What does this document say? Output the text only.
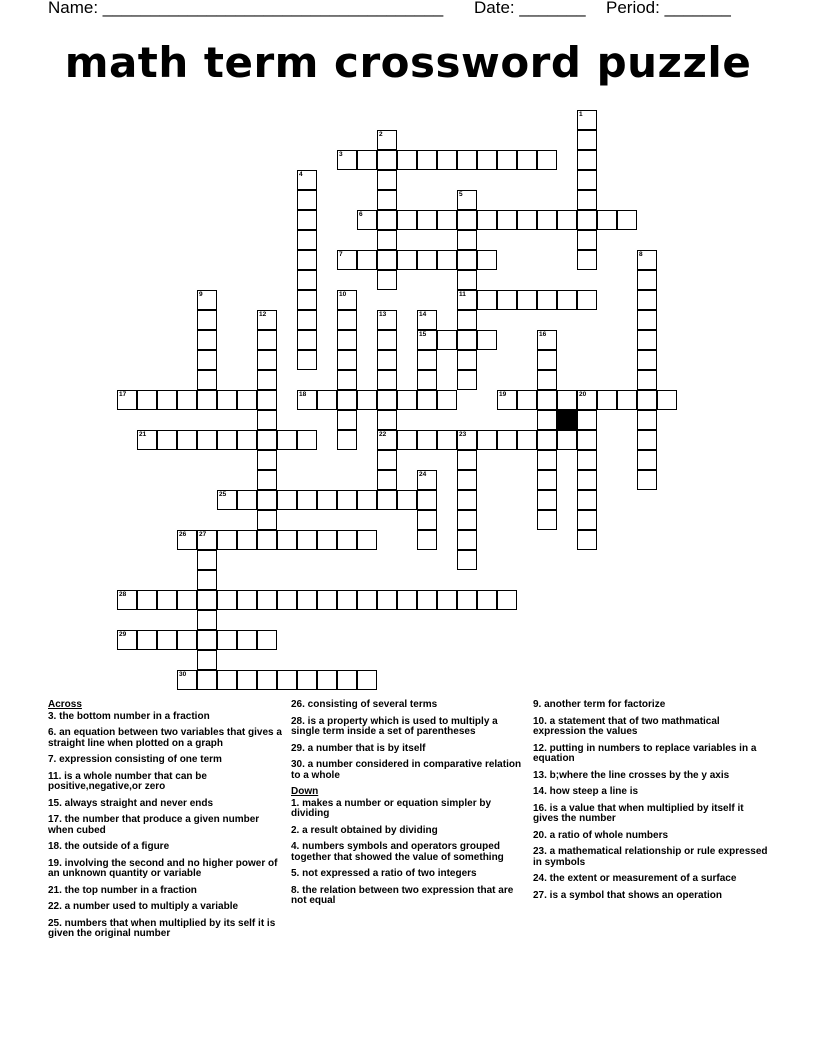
Name: ____________________________________ Date: _______ Period: _______
math term crossword puzzle
1
2
3
4
5
11
6
7	8
9	10
12	13
22
14
15	16
17	18	19	20
21	23
24
25
26 27
28
29
30
Across
3. the bottom number in a fraction
6. an equation between two variables that gives a straight line when plotted on a graph
7. expression consisting of one term
11. is a whole number that can be positive,negative,or zero
15. always straight and never ends
17. the number that produce a given number when cubed
18. the outside of a figure
19. involving the second and no higher power of an unknown quantity or variable
21. the top number in a fraction
22. a number used to multiply a variable
25. numbers that when multiplied by its self it is given the original number
26. consisting of several terms
28. is a property which is used to multiply a single term inside a set of parentheses
29. a number that is by itself
30. a number considered in comparative relation to a whole
Down
1. makes a number or equation simpler by dividing
2. a result obtained by dividing
4. numbers symbols and operators grouped together that showed the value of something
5. not expressed a ratio of two integers
8. the relation between two expression that are not equal
9. another term for factorize
10. a statement that of two mathmatical expression the values
12. putting in numbers to replace variables in a equation
13. b;where the line crosses by the y axis
14. how steep a line is
16. is a value that when multiplied by itself it gives the number
20. a ratio of whole numbers
23. a mathematical relationship or rule expressed in symbols
24. the extent or measurement of a surface
27. is a symbol that shows an operation
